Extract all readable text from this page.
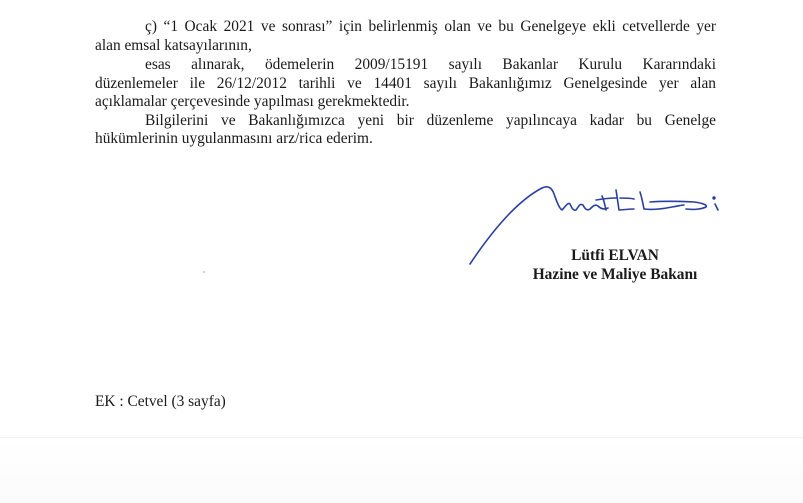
ç) “1 Ocak 2021 ve sonrası” için belirlenmiş olan ve bu Genelgeye ekli cetvellerde yer
alan emsal katsayılarının,

esas alınarak, ödemelerin 2009/15191 sayılı Bakanlar Kurulu Kararındaki
düzenlemeler ile 26/12/2012 tarihli ve 14401 sayılı Bakanlığımız Genelgesinde yer alan
açıklamalar çerçevesinde yapılması gerekmektedir.

Bilgilerini ve Bakanlığımızca yeni bir düzenleme yapılıncaya kadar bu Genelge
hükümlerinin uygulanmasını arz/rica ederim.

Lütfi ELVAN
Hazine ve Maliye Bakanı
EK : Cetvel (3 sayfa)
